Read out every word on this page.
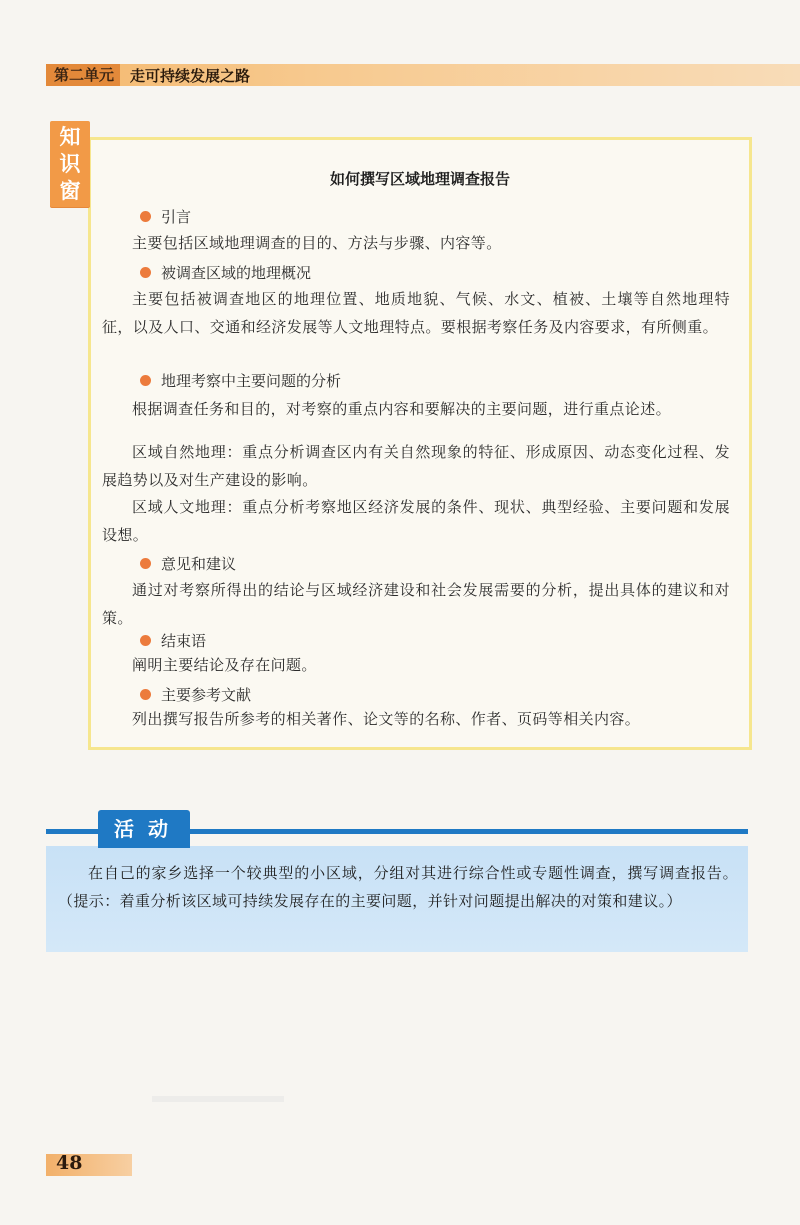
第二单元	走可持续发展之路
知
识
窗	如何撰写区域地理调查报告
引言
主要包括区域地理调查的目的、方法与步骤、内容等。
被调查区域的地理概况
主要包括被调查地区的地理位置、地质地貌、气候、水文、植被、土壤等自然地理特征，以及人口、交通和经济发展等人文地理特点。要根据考察任务及内容要求，有所侧重。
地理考察中主要问题的分析
根据调查任务和目的，对考察的重点内容和要解决的主要问题，进行重点论述。
区域自然地理：重点分析调查区内有关自然现象的特征、形成原因、动态变化过程、发展趋势以及对生产建设的影响。
区域人文地理：重点分析考察地区经济发展的条件、现状、典型经验、主要问题和发展设想。
意见和建议
通过对考察所得出的结论与区域经济建设和社会发展需要的分析，提出具体的建议和对策。
结束语
阐明主要结论及存在问题。
主要参考文献
列出撰写报告所参考的相关著作、论文等的名称、作者、页码等相关内容。
活动
在自己的家乡选择一个较典型的小区域，分组对其进行综合性或专题性调查，撰写调查报告。（提示：着重分析该区域可持续发展存在的主要问题，并针对问题提出解决的对策和建议。）
48
